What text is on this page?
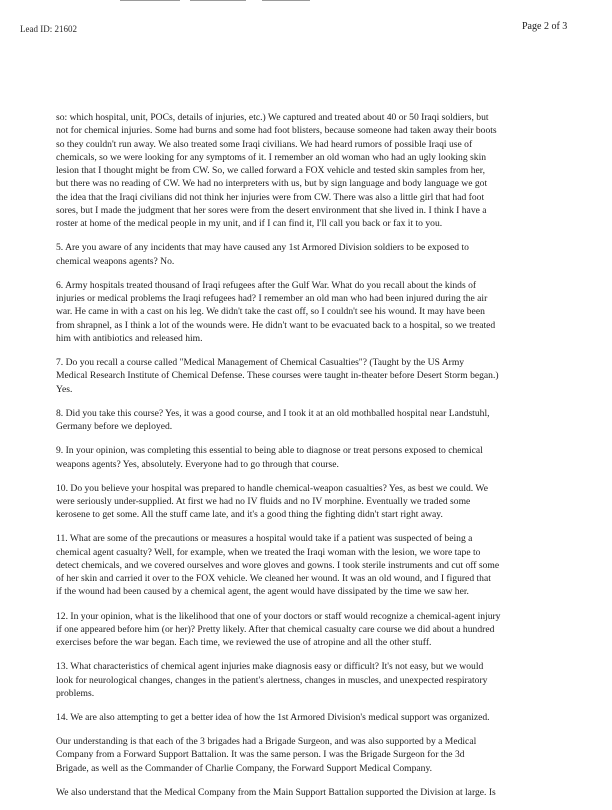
Lead ID: 21602	Page 2 of 3
so: which hospital, unit, POCs, details of injuries, etc.) We captured and treated about 40 or 50 Iraqi soldiers, but
not for chemical injuries. Some had burns and some had foot blisters, because someone had taken away their boots
so they couldn't run away. We also treated some Iraqi civilians. We had heard rumors of possible Iraqi use of
chemicals, so we were looking for any symptoms of it. I remember an old woman who had an ugly looking skin
lesion that I thought might be from CW. So, we called forward a FOX vehicle and tested skin samples from her,
but there was no reading of CW. We had no interpreters with us, but by sign language and body language we got
the idea that the Iraqi civilians did not think her injuries were from CW. There was also a little girl that had foot
sores, but I made the judgment that her sores were from the desert environment that she lived in. I think I have a
roster at home of the medical people in my unit, and if I can find it, I'll call you back or fax it to you.
5. Are you aware of any incidents that may have caused any 1st Armored Division soldiers to be exposed to
chemical weapons agents? No.
6. Army hospitals treated thousand of Iraqi refugees after the Gulf War. What do you recall about the kinds of
injuries or medical problems the Iraqi refugees had? I remember an old man who had been injured during the air
war. He came in with a cast on his leg. We didn't take the cast off, so I couldn't see his wound. It may have been
from shrapnel, as I think a lot of the wounds were. He didn't want to be evacuated back to a hospital, so we treated
him with antibiotics and released him.
7. Do you recall a course called "Medical Management of Chemical Casualties"? (Taught by the US Army
Medical Research Institute of Chemical Defense. These courses were taught in-theater before Desert Storm began.)
Yes.
8. Did you take this course? Yes, it was a good course, and I took it at an old mothballed hospital near Landstuhl,
Germany before we deployed.
9. In your opinion, was completing this essential to being able to diagnose or treat persons exposed to chemical
weapons agents? Yes, absolutely. Everyone had to go through that course.
10. Do you believe your hospital was prepared to handle chemical-weapon casualties? Yes, as best we could. We
were seriously under-supplied. At first we had no IV fluids and no IV morphine. Eventually we traded some
kerosene to get some. All the stuff came late, and it's a good thing the fighting didn't start right away.
11. What are some of the precautions or measures a hospital would take if a patient was suspected of being a
chemical agent casualty? Well, for example, when we treated the Iraqi woman with the lesion, we wore tape to
detect chemicals, and we covered ourselves and wore gloves and gowns. I took sterile instruments and cut off some
of her skin and carried it over to the FOX vehicle. We cleaned her wound. It was an old wound, and I figured that
if the wound had been caused by a chemical agent, the agent would have dissipated by the time we saw her.
12. In your opinion, what is the likelihood that one of your doctors or staff would recognize a chemical-agent injury
if one appeared before him (or her)? Pretty likely. After that chemical casualty care course we did about a hundred
exercises before the war began. Each time, we reviewed the use of atropine and all the other stuff.
13. What characteristics of chemical agent injuries make diagnosis easy or difficult? It's not easy, but we would
look for neurological changes, changes in the patient's alertness, changes in muscles, and unexpected respiratory
problems.
14. We are also attempting to get a better idea of how the 1st Armored Division's medical support was organized.
Our understanding is that each of the 3 brigades had a Brigade Surgeon, and was also supported by a Medical
Company from a Forward Support Battalion. It was the same person. I was the Brigade Surgeon for the 3d
Brigade, as well as the Commander of Charlie Company, the Forward Support Medical Company.
We also understand that the Medical Company from the Main Support Battalion supported the Division at large. Is
